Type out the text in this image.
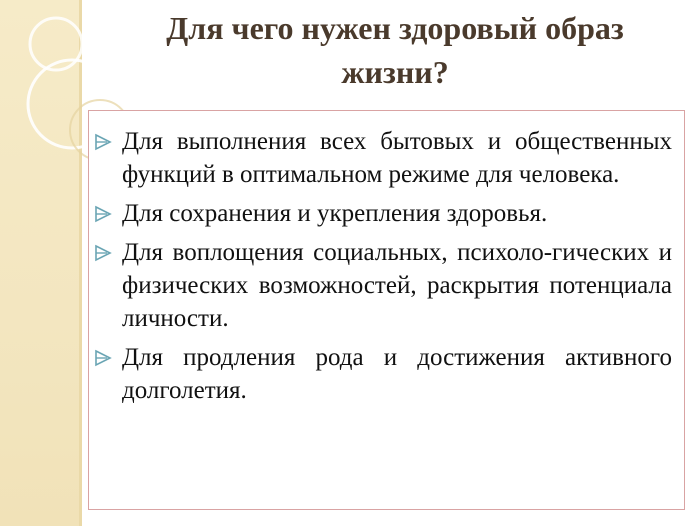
Для чего нужен здоровый образ
жизни?
Для выполнения всех бытовых и общественных функций в оптимальном режиме для человека.
Для сохранения и укрепления здоровья.
Для воплощения социальных, психоло-гических и физических возможностей, раскрытия потенциала личности.
Для продления рода и достижения активного долголетия.
